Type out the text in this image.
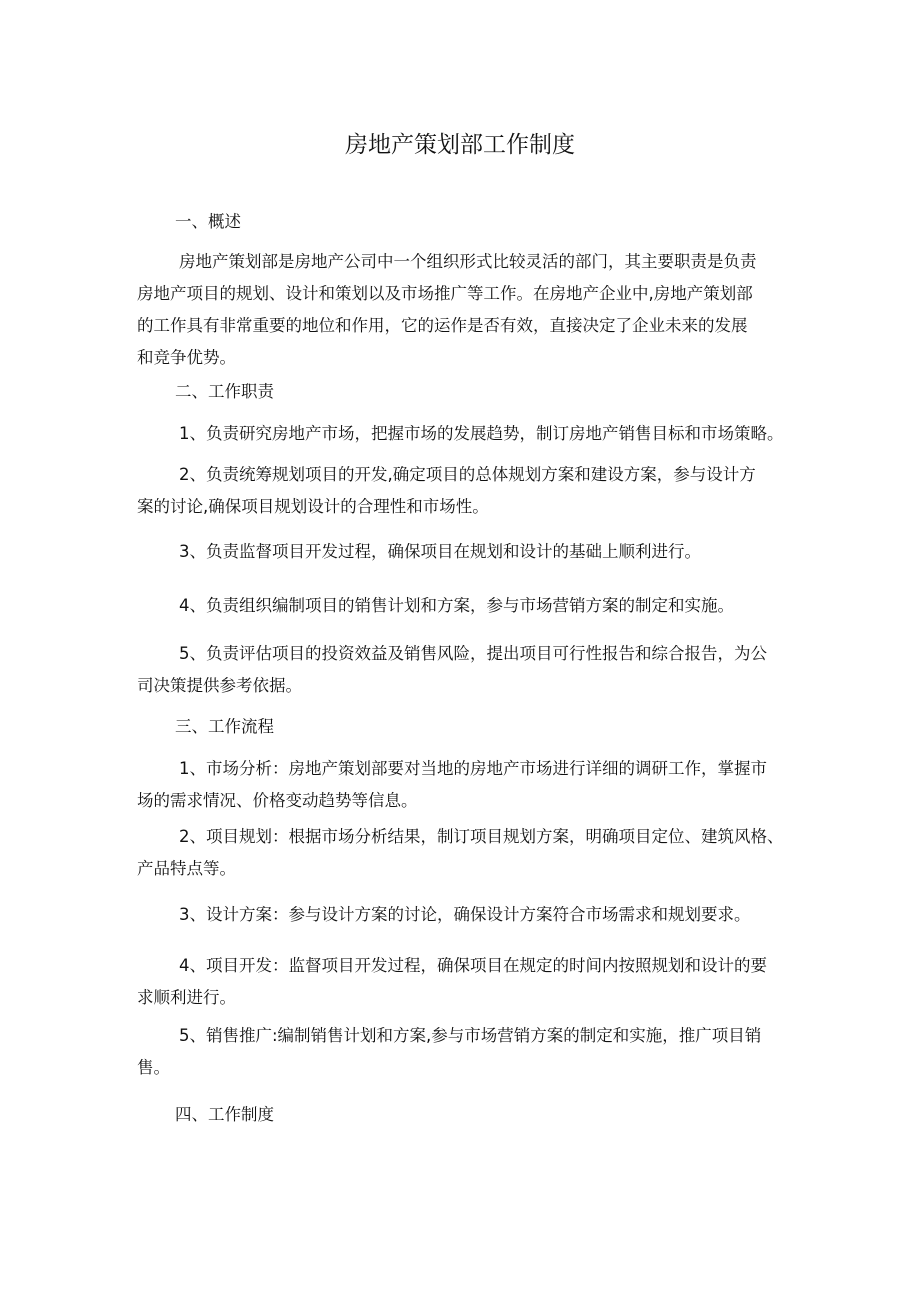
房地产策划部工作制度

一、概述

房地产策划部是房地产公司中一个组织形式比较灵活的部门，其主要职责是负责
房地产项目的规划、设计和策划以及市场推广等工作。在房地产企业中,房地产策划部
的工作具有非常重要的地位和作用，它的运作是否有效，直接决定了企业未来的发展
和竞争优势。

二、工作职责

1、负责研究房地产市场，把握市场的发展趋势，制订房地产销售目标和市场策略。

2、负责统筹规划项目的开发,确定项目的总体规划方案和建设方案，参与设计方
案的讨论,确保项目规划设计的合理性和市场性。

3、负责监督项目开发过程，确保项目在规划和设计的基础上顺利进行。

4、负责组织编制项目的销售计划和方案，参与市场营销方案的制定和实施。

5、负责评估项目的投资效益及销售风险，提出项目可行性报告和综合报告，为公
司决策提供参考依据。

三、工作流程

1、市场分析：房地产策划部要对当地的房地产市场进行详细的调研工作，掌握市
场的需求情况、价格变动趋势等信息。

2、项目规划：根据市场分析结果，制订项目规划方案，明确项目定位、建筑风格、
产品特点等。

3、设计方案：参与设计方案的讨论，确保设计方案符合市场需求和规划要求。

4、项目开发：监督项目开发过程，确保项目在规定的时间内按照规划和设计的要
求顺利进行。

5、销售推广:编制销售计划和方案,参与市场营销方案的制定和实施，推广项目销
售。

四、工作制度
